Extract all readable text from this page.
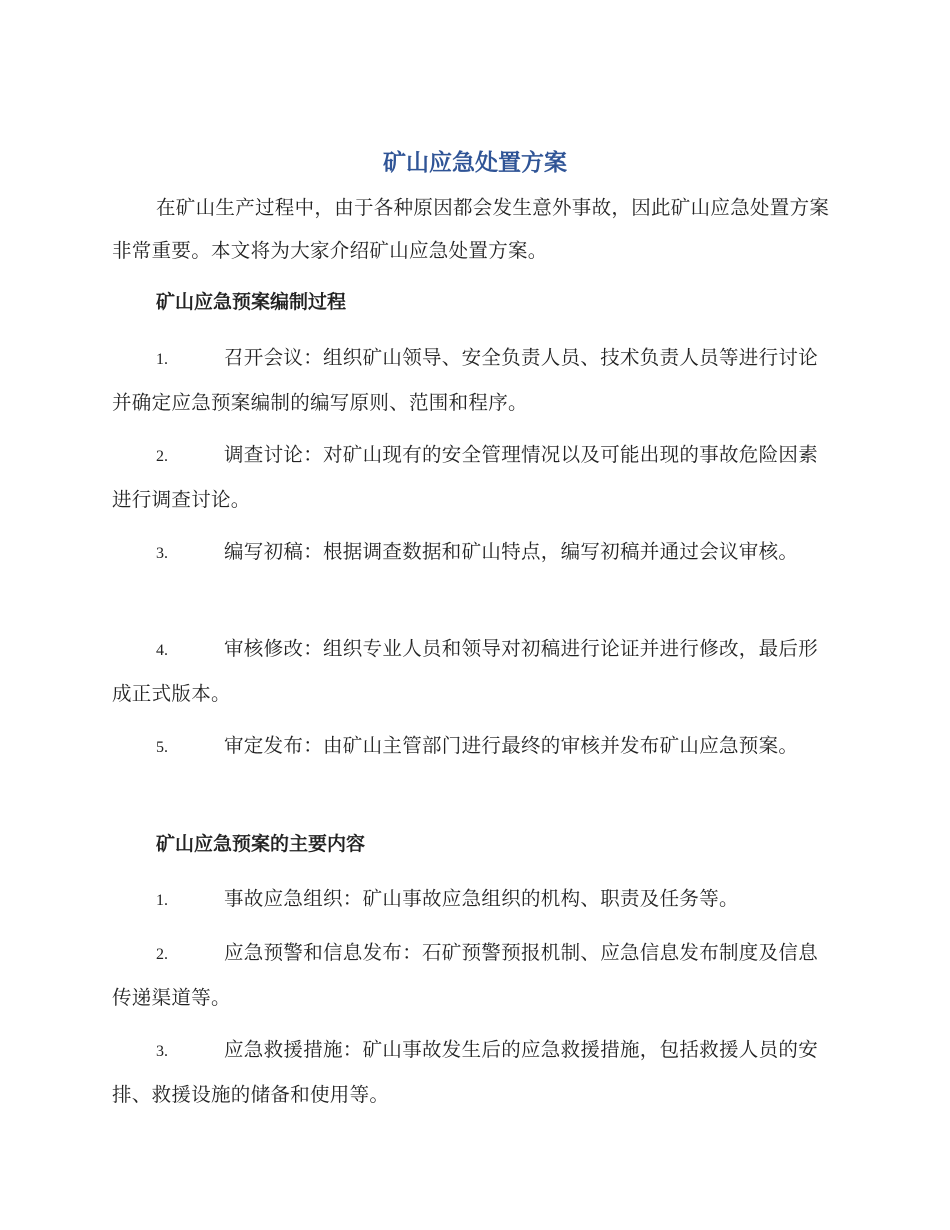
矿山应急处置方案
在矿山生产过程中，由于各种原因都会发生意外事故，因此矿山应急处置方案非常重要。本文将为大家介绍矿山应急处置方案。
矿山应急预案编制过程
1.	召开会议：组织矿山领导、安全负责人员、技术负责人员等进行讨论并确定应急预案编制的编写原则、范围和程序。
2.	调查讨论：对矿山现有的安全管理情况以及可能出现的事故危险因素进行调查讨论。
3.	编写初稿：根据调查数据和矿山特点，编写初稿并通过会议审核。
4.	审核修改：组织专业人员和领导对初稿进行论证并进行修改，最后形成正式版本。
5.	审定发布：由矿山主管部门进行最终的审核并发布矿山应急预案。
矿山应急预案的主要内容
1.	事故应急组织：矿山事故应急组织的机构、职责及任务等。
2.	应急预警和信息发布：石矿预警预报机制、应急信息发布制度及信息传递渠道等。
3.	应急救援措施：矿山事故发生后的应急救援措施，包括救援人员的安排、救援设施的储备和使用等。
